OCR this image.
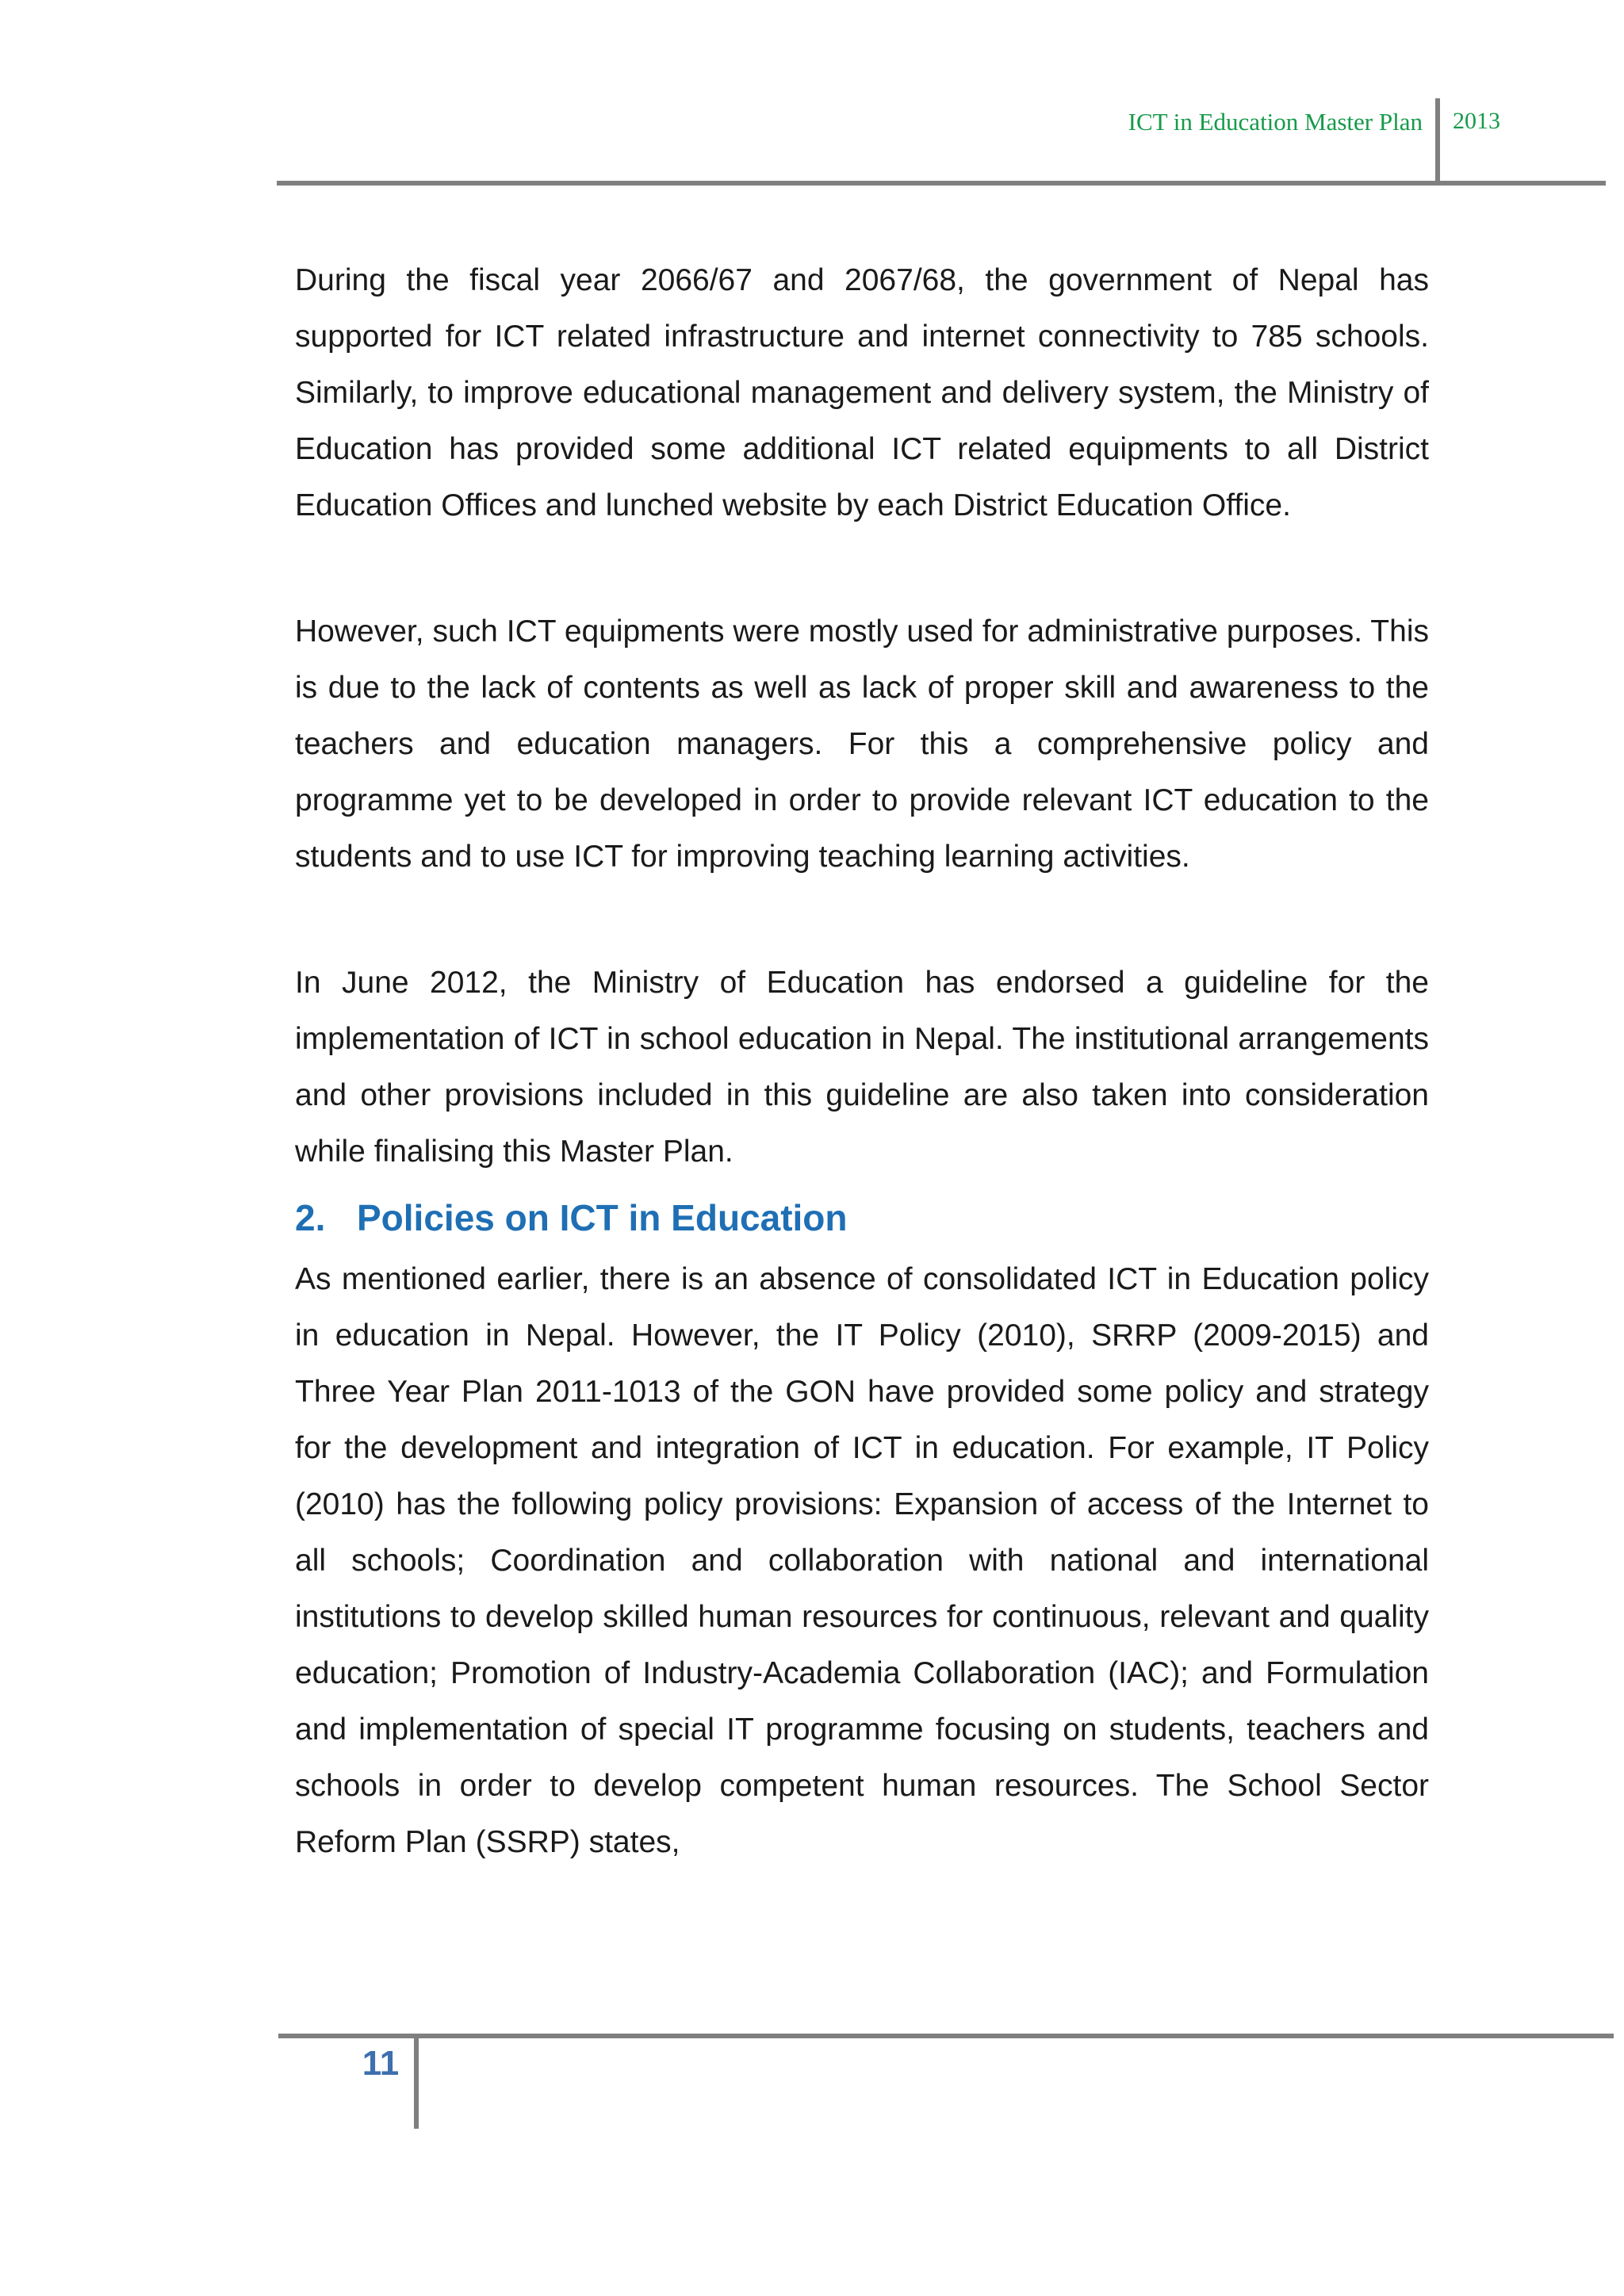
ICT in Education Master Plan 2013

During the fiscal year 2066/67 and 2067/68, the government of Nepal has supported for ICT related infrastructure and internet connectivity to 785 schools. Similarly, to improve educational management and delivery system, the Ministry of Education has provided some additional ICT related equipments to all District Education Offices and lunched website by each District Education Office.

However, such ICT equipments were mostly used for administrative purposes. This is due to the lack of contents as well as lack of proper skill and awareness to the teachers and education managers. For this a comprehensive policy and programme yet to be developed in order to provide relevant ICT education to the students and to use ICT for improving teaching learning activities.

In June 2012, the Ministry of Education has endorsed a guideline for the implementation of ICT in school education in Nepal. The institutional arrangements and other provisions included in this guideline are also taken into consideration while finalising this Master Plan.

2. Policies on ICT in Education

As mentioned earlier, there is an absence of consolidated ICT in Education policy in education in Nepal. However, the IT Policy (2010), SRRP (2009-2015) and Three Year Plan 2011-1013 of the GON have provided some policy and strategy for the development and integration of ICT in education. For example, IT Policy (2010) has the following policy provisions: Expansion of access of the Internet to all schools; Coordination and collaboration with national and international institutions to develop skilled human resources for continuous, relevant and quality education; Promotion of Industry-Academia Collaboration (IAC); and Formulation and implementation of special IT programme focusing on students, teachers and schools in order to develop competent human resources. The School Sector Reform Plan (SSRP) states,

11
